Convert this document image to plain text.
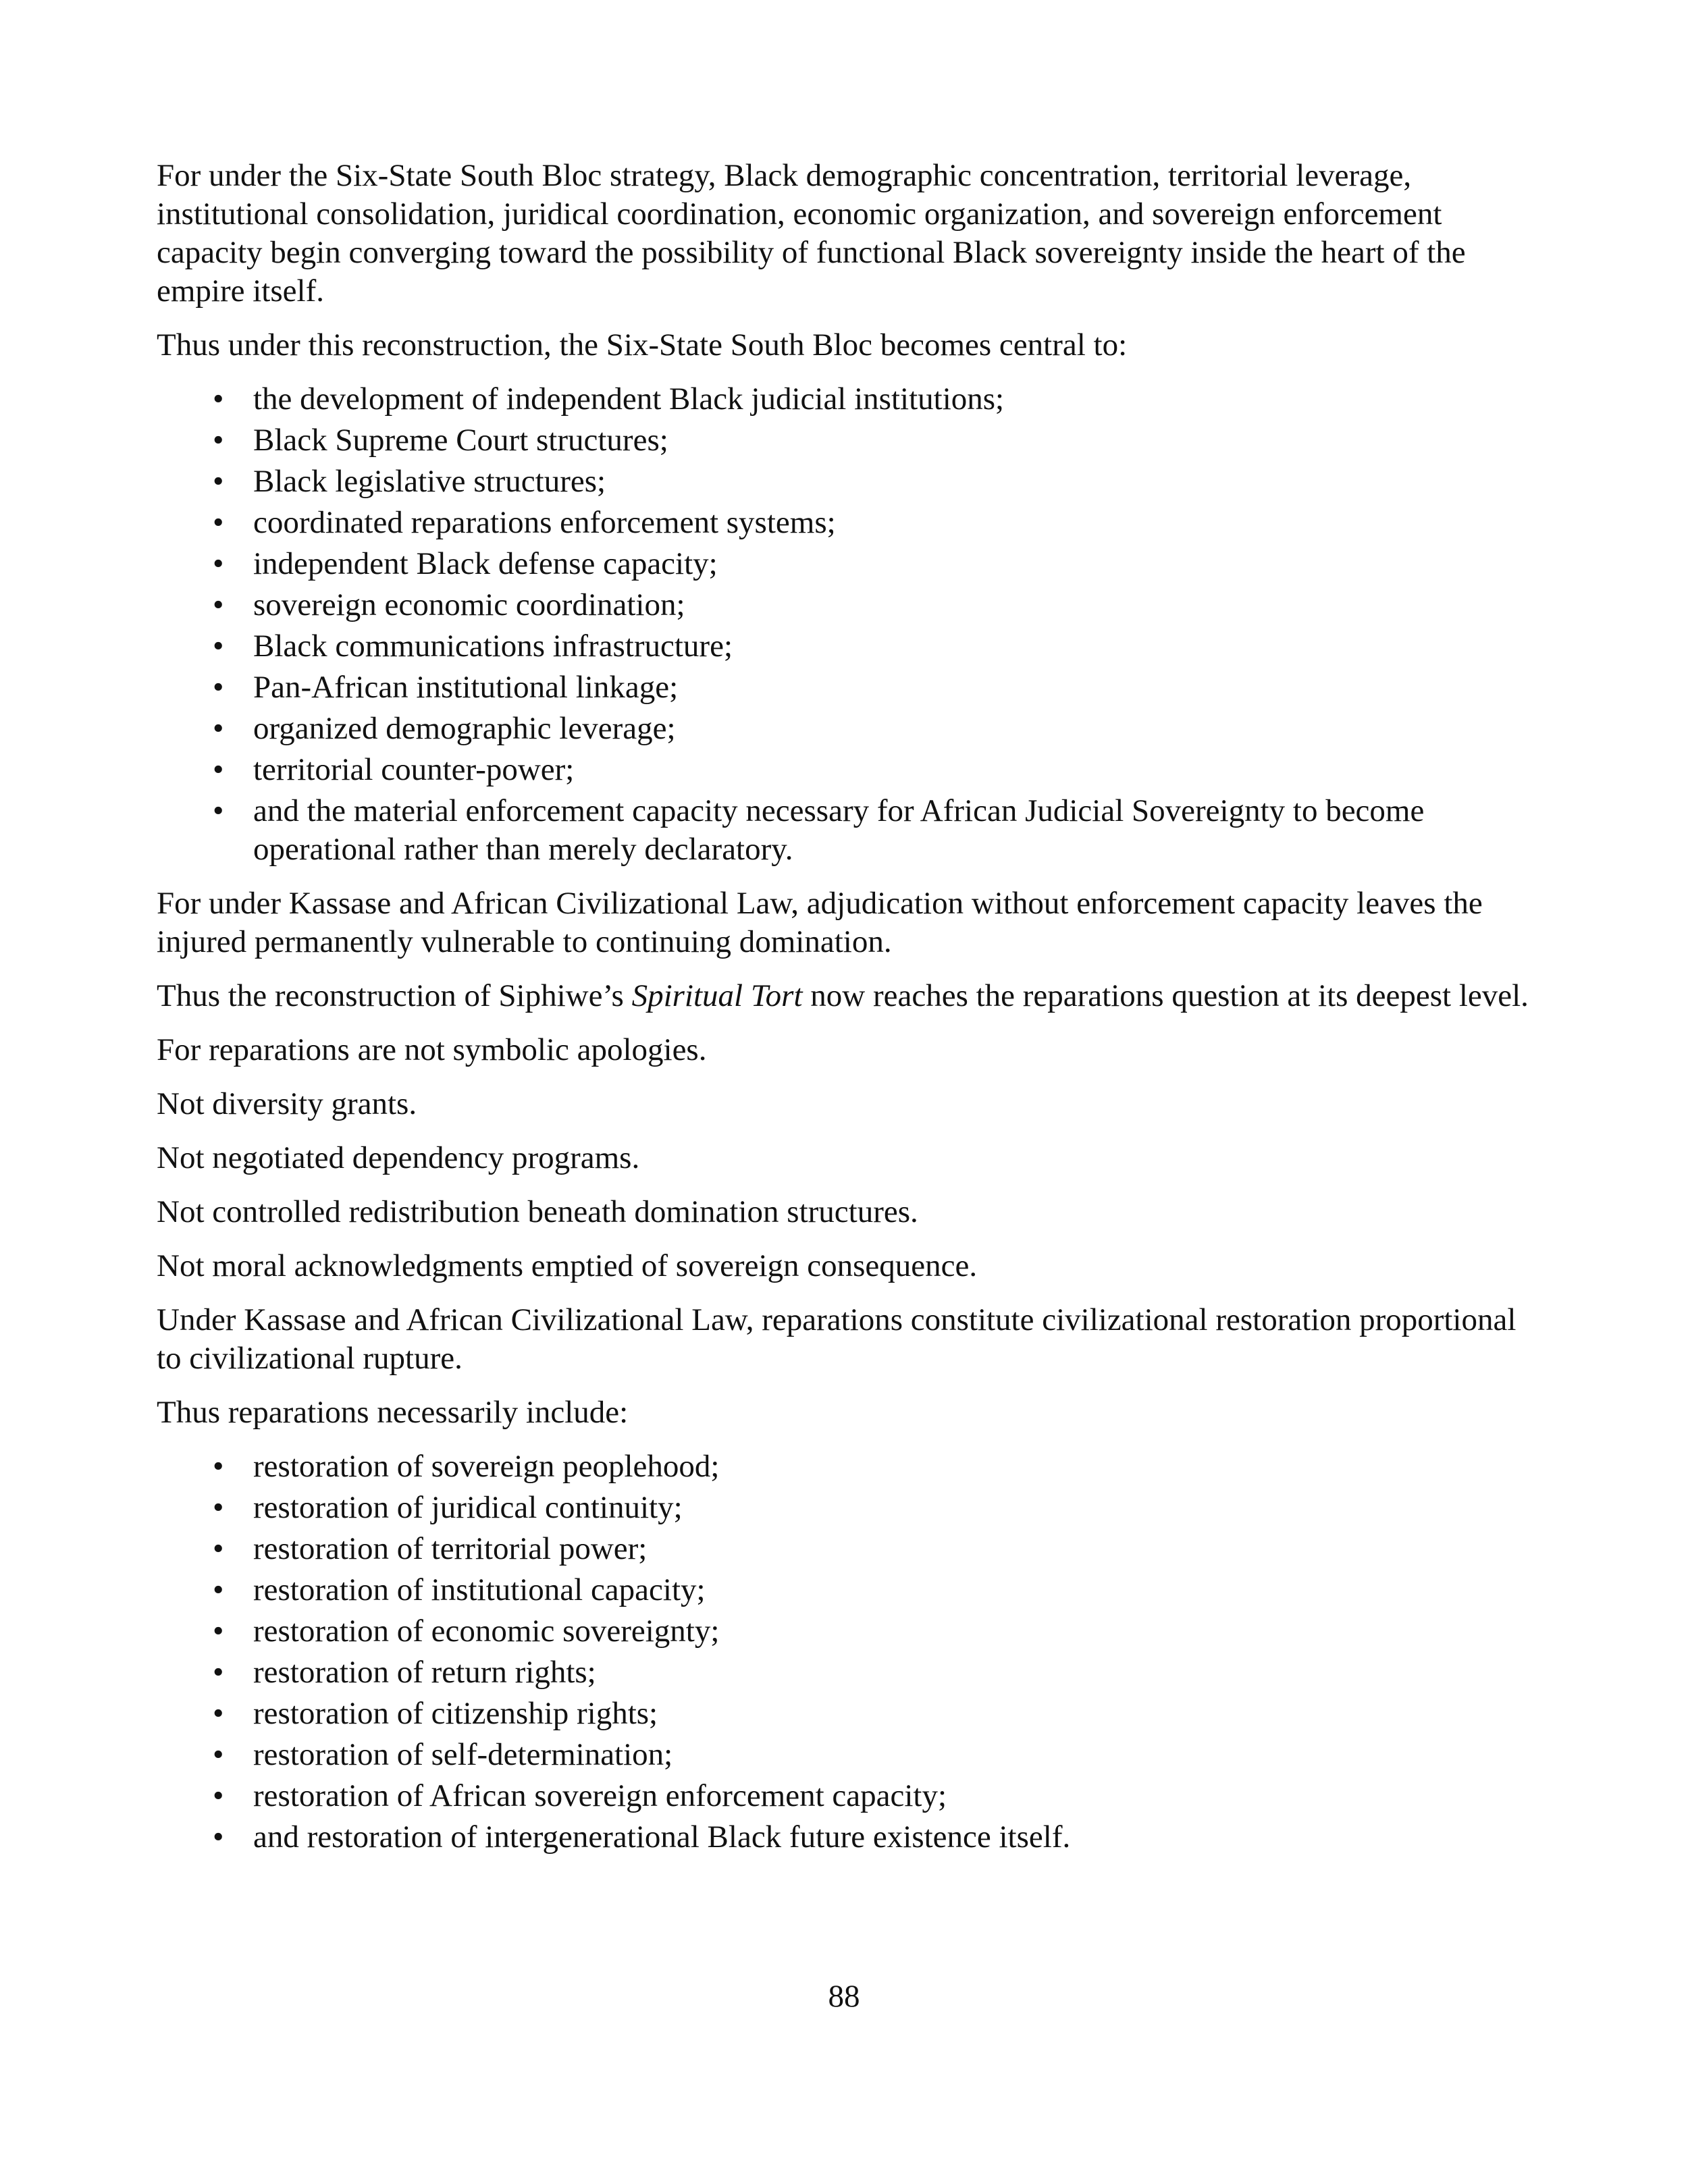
For under the Six-State South Bloc strategy, Black demographic concentration, territorial leverage, institutional consolidation, juridical coordination, economic organization, and sovereign enforcement capacity begin converging toward the possibility of functional Black sovereignty inside the heart of the empire itself.

Thus under this reconstruction, the Six-State South Bloc becomes central to:

• the development of independent Black judicial institutions;
• Black Supreme Court structures;
• Black legislative structures;
• coordinated reparations enforcement systems;
• independent Black defense capacity;
• sovereign economic coordination;
• Black communications infrastructure;
• Pan-African institutional linkage;
• organized demographic leverage;
• territorial counter-power;
• and the material enforcement capacity necessary for African Judicial Sovereignty to become operational rather than merely declaratory.

For under Kassase and African Civilizational Law, adjudication without enforcement capacity leaves the injured permanently vulnerable to continuing domination.

Thus the reconstruction of Siphiwe’s Spiritual Tort now reaches the reparations question at its deepest level.

For reparations are not symbolic apologies.

Not diversity grants.

Not negotiated dependency programs.

Not controlled redistribution beneath domination structures.

Not moral acknowledgments emptied of sovereign consequence.

Under Kassase and African Civilizational Law, reparations constitute civilizational restoration proportional to civilizational rupture.

Thus reparations necessarily include:

• restoration of sovereign peoplehood;
• restoration of juridical continuity;
• restoration of territorial power;
• restoration of institutional capacity;
• restoration of economic sovereignty;
• restoration of return rights;
• restoration of citizenship rights;
• restoration of self-determination;
• restoration of African sovereign enforcement capacity;
• and restoration of intergenerational Black future existence itself.
88
